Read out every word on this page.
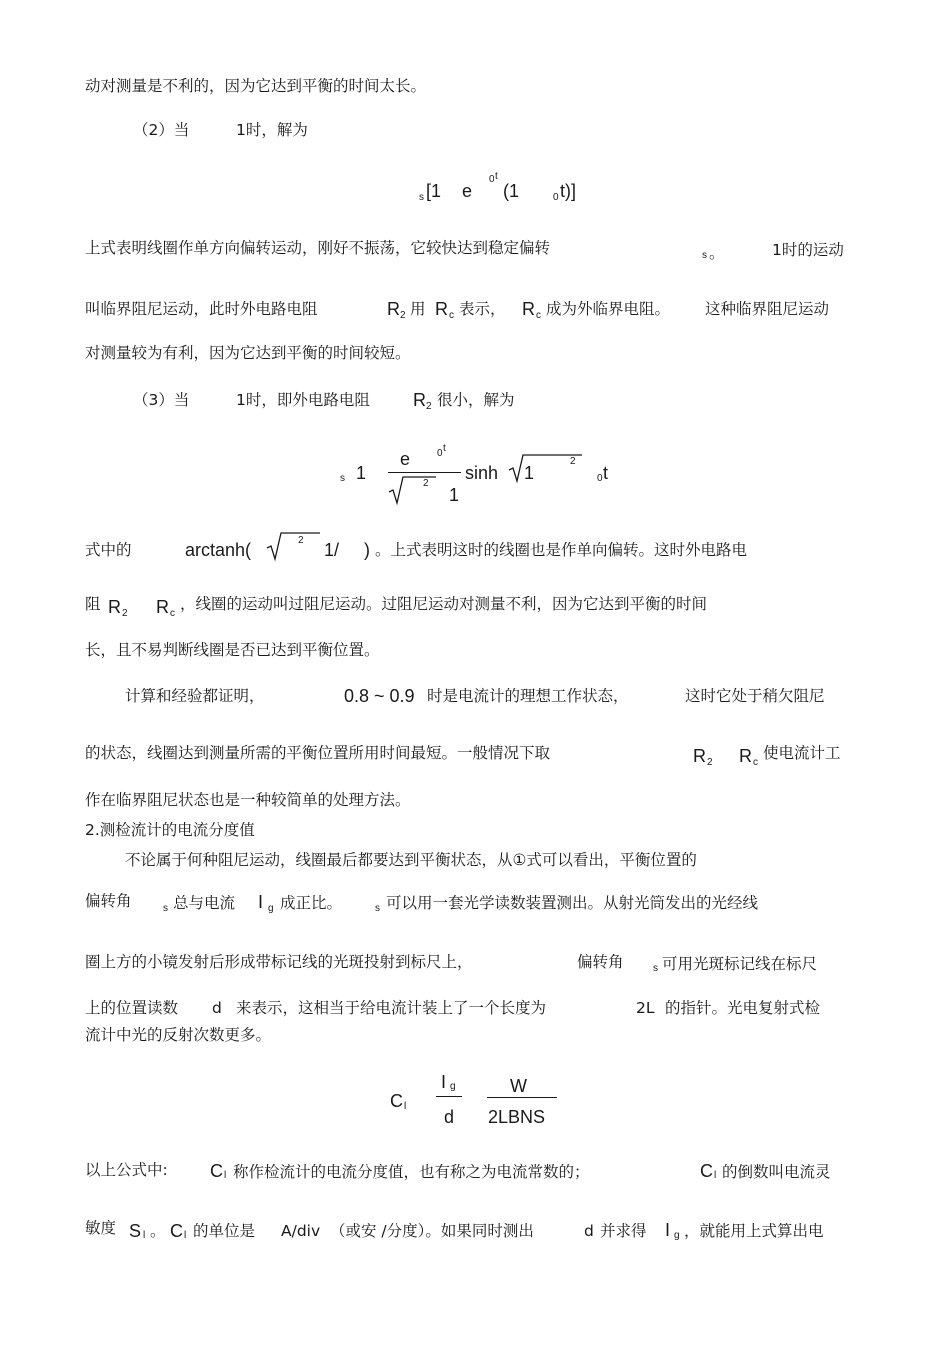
动对测量是不利的，因为它达到平衡的时间太长。
（2）当	1时，解为
s [1 e
0 t
(1	0 t)]
上式表明线圈作单方向偏转运动，刚好不振荡，它较快达到稳定偏转	s 。	1时的运动
叫临界阻尼运动，此时外电路电阻	R 2 用 R c 表示， R c 成为外临界电阻。 这种临界阻尼运动
对测量较为有利，因为它达到平衡的时间较短。
（3）当	1时，即外电路电阻 R 2 很小，解为
s 1
e	0 t
2
1
sinh 1
2
0 t
式中的	arctanh(	2 1/ ) 。上式表明这时的线圈也是作单向偏转。这时外电路电
阻 R 2 R c
，线圈的运动叫过阻尼运动。过阻尼运动对测量不利，因为它达到平衡的时间
长，且不易判断线圈是否已达到平衡位置。
计算和经验都证明，	0.8 ~ 0.9 时是电流计的理想工作状态，	这时它处于稍欠阻尼
的状态，线圈达到测量所需的平衡位置所用时间最短。一般情况下取	R 2 R c
使电流计工
作在临界阻尼状态也是一种较简单的处理方法。
2.测检流计的电流分度值
不论属于何种阻尼运动，线圈最后都要达到平衡状态，从①式可以看出，平衡位置的
偏转角	s 总与电流 I g 成正比。	s 可以用一套光学读数装置测出。从射光筒发出的光经线
圈上方的小镜发射后形成带标记线的光斑投射到标尺上，	偏转角	s 可用光斑标记线在标尺
上的位置读数 d 来表示，这相当于给电流计装上了一个长度为	2L 的指针。光电复射式检
流计中光的反射次数更多。
C l
I g
d
W
2LBNS
以上公式中: C l 称作检流计的电流分度值，也有称之为电流常数的；	C l 的倒数叫电流灵
敏度 S l 。 C l 的单位是 A/div （或安 /分度）。如果同时测出	d 并求得 I g ，就能用上式算出电
